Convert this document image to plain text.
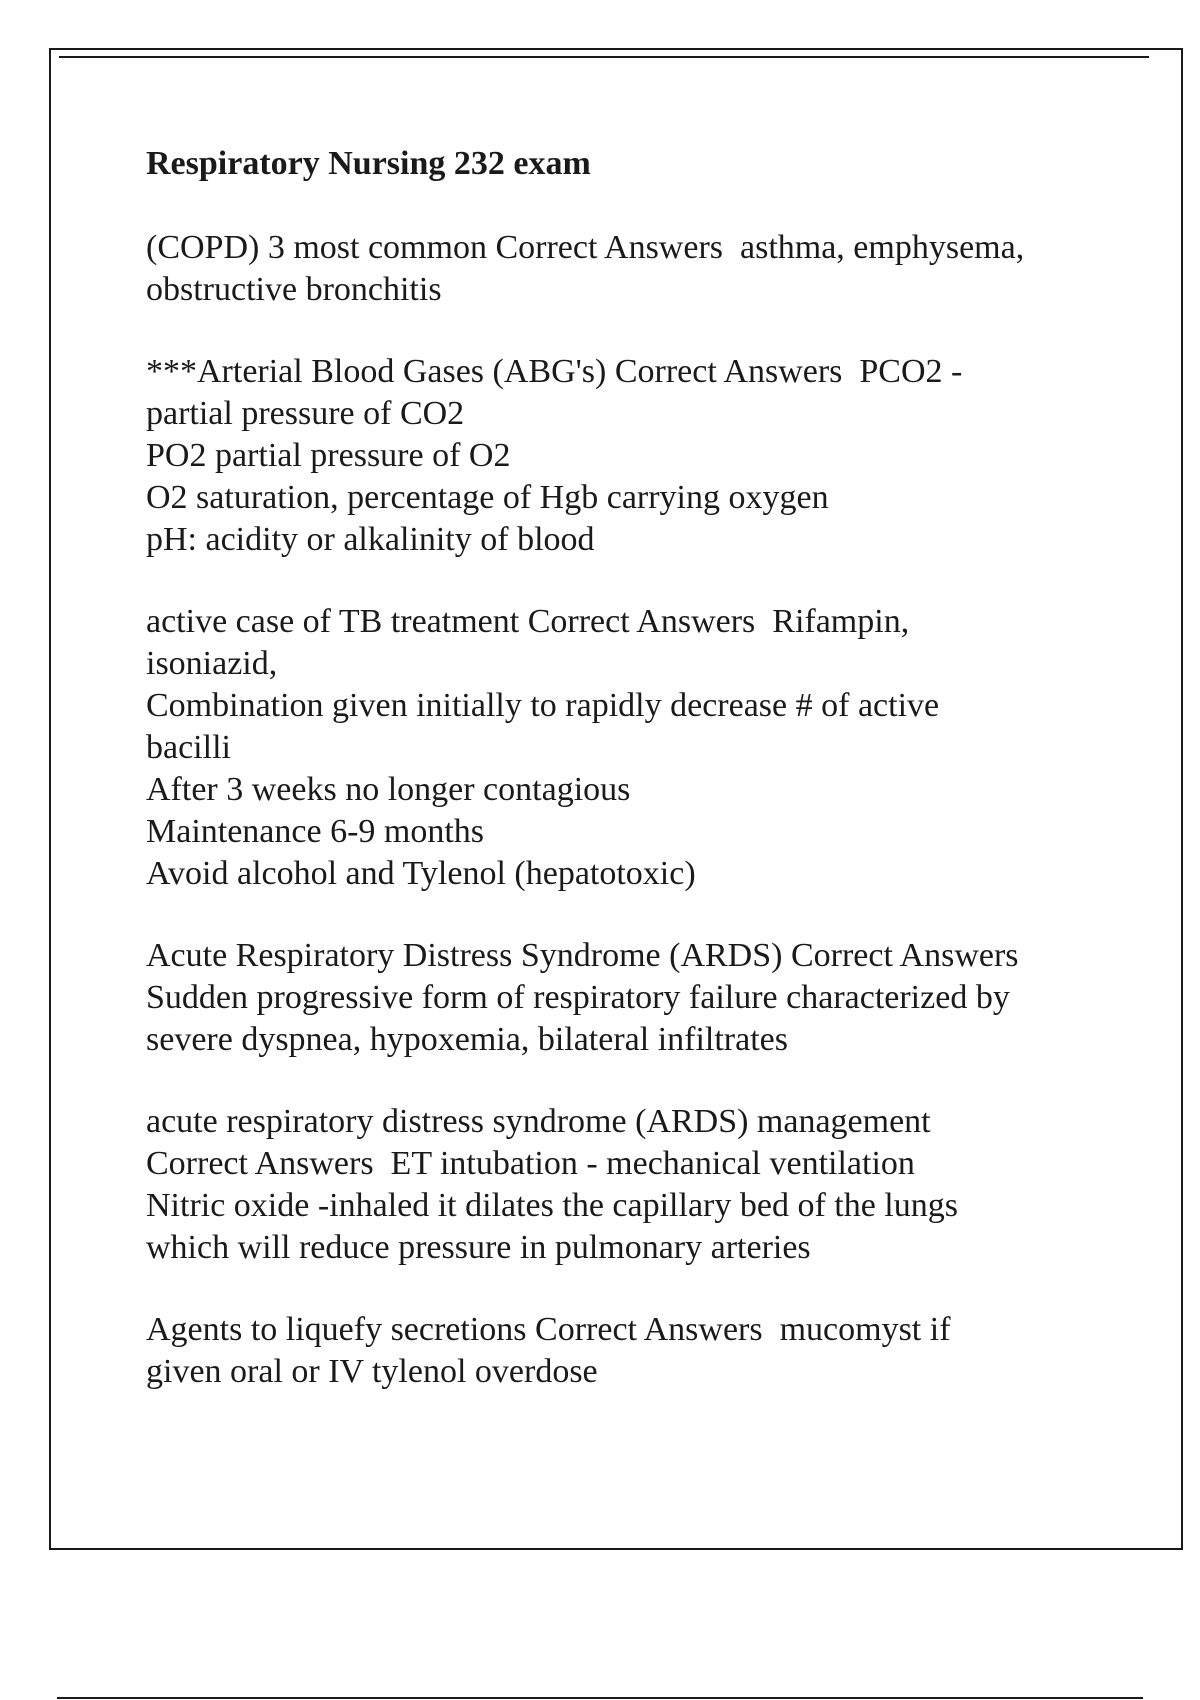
Respiratory Nursing 232 exam
(COPD) 3 most common Correct Answers  asthma, emphysema,
obstructive bronchitis
***Arterial Blood Gases (ABG's) Correct Answers  PCO2 -
partial pressure of CO2
PO2 partial pressure of O2
O2 saturation, percentage of Hgb carrying oxygen
pH: acidity or alkalinity of blood
active case of TB treatment Correct Answers  Rifampin,
isoniazid,
Combination given initially to rapidly decrease # of active
bacilli
After 3 weeks no longer contagious
Maintenance 6-9 months
Avoid alcohol and Tylenol (hepatotoxic)
Acute Respiratory Distress Syndrome (ARDS) Correct Answers
Sudden progressive form of respiratory failure characterized by
severe dyspnea, hypoxemia, bilateral infiltrates
acute respiratory distress syndrome (ARDS) management
Correct Answers  ET intubation - mechanical ventilation
Nitric oxide -inhaled it dilates the capillary bed of the lungs
which will reduce pressure in pulmonary arteries
Agents to liquefy secretions Correct Answers  mucomyst if
given oral or IV tylenol overdose
